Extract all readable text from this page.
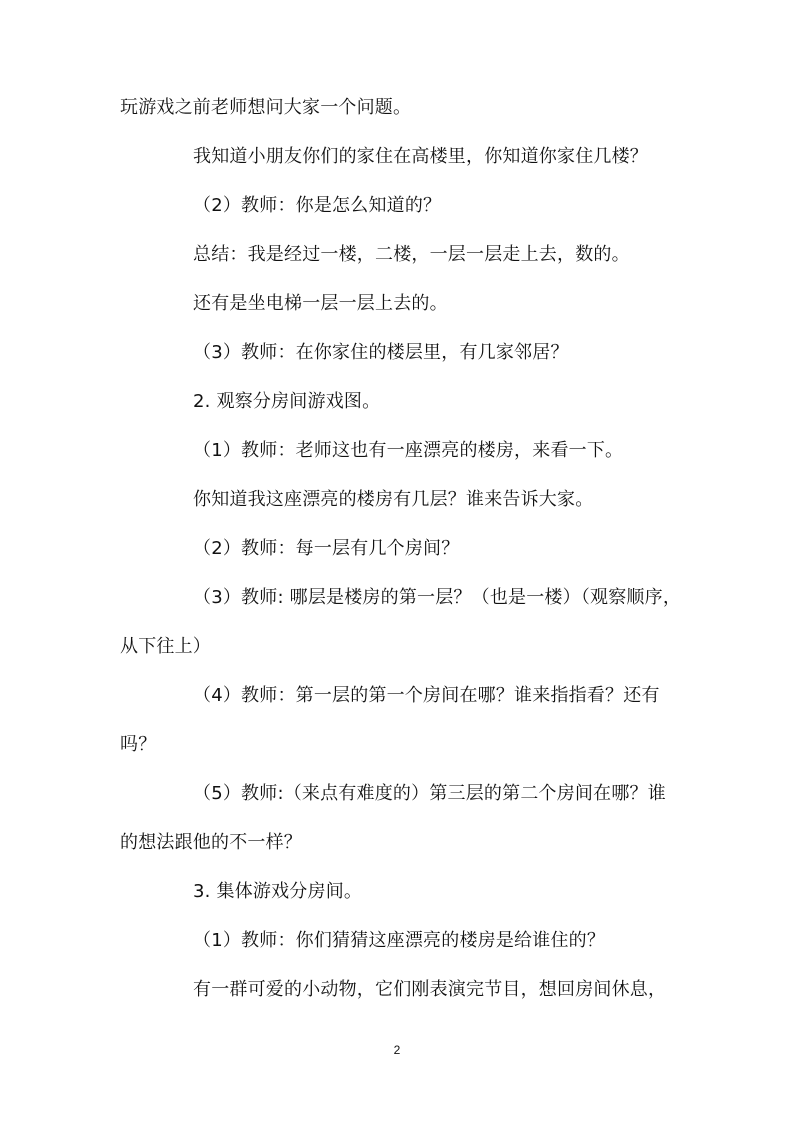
玩游戏之前老师想问大家一个问题。
我知道小朋友你们的家住在高楼里，你知道你家住几楼？
（2）教师：你是怎么知道的？
总结：我是经过一楼，二楼，一层一层走上去，数的。
还有是坐电梯一层一层上去的。
（3）教师：在你家住的楼层里，有几家邻居？
2. 观察分房间游戏图。
（1）教师：老师这也有一座漂亮的楼房，来看一下。
你知道我这座漂亮的楼房有几层？谁来告诉大家。
（2）教师：每一层有几个房间？
（3）教师: 哪层是楼房的第一层？（也是一楼）（观察顺序，
从下往上）
（4）教师：第一层的第一个房间在哪？谁来指指看？还有
吗？
（5）教师:（来点有难度的）第三层的第二个房间在哪？谁
的想法跟他的不一样？
3. 集体游戏分房间。
（1）教师：你们猜猜这座漂亮的楼房是给谁住的？
有一群可爱的小动物，它们刚表演完节目，想回房间休息，
2
